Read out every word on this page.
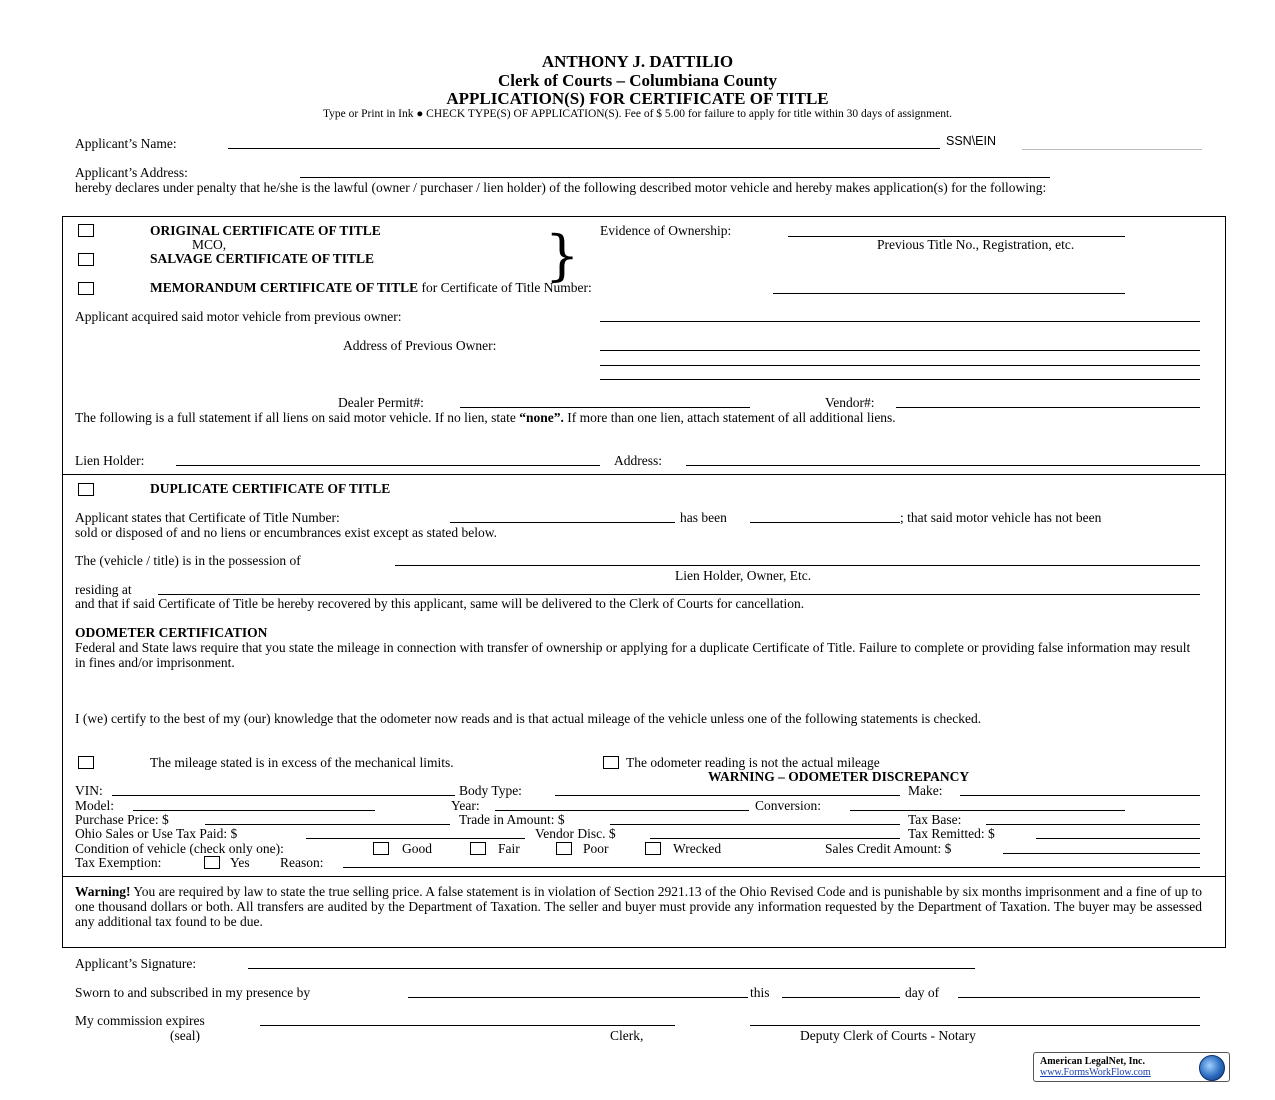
ANTHONY J. DATTILIO
Clerk of Courts – Columbiana County
APPLICATION(S) FOR CERTIFICATE OF TITLE
Type or Print in Ink ● CHECK TYPE(S) OF APPLICATION(S). Fee of $ 5.00 for failure to apply for title within 30 days of assignment.
Applicant’s Name:	SSN\EIN
Applicant’s Address:
hereby declares under penalty that he/she is the lawful (owner / purchaser / lien holder) of the following described motor vehicle and hereby makes application(s) for the following:
ORIGINAL CERTIFICATE OF TITLE
MCO,
SALVAGE CERTIFICATE OF TITLE	} Evidence of Ownership:
Previous Title No., Registration, etc.
MEMORANDUM CERTIFICATE OF TITLE for Certificate of Title Number:
Applicant acquired said motor vehicle from previous owner:
Address of Previous Owner:
Dealer Permit#:	Vendor#:
The following is a full statement if all liens on said motor vehicle. If no lien, state “none”. If more than one lien, attach statement of all additional liens.
Lien Holder:	Address:
DUPLICATE CERTIFICATE OF TITLE
Applicant states that Certificate of Title Number:	has been	; that said motor vehicle has not been
sold or disposed of and no liens or encumbrances exist except as stated below.
The (vehicle / title) is in the possession of
Lien Holder, Owner, Etc.
residing at
and that if said Certificate of Title be hereby recovered by this applicant, same will be delivered to the Clerk of Courts for cancellation.
ODOMETER CERTIFICATION
Federal and State laws require that you state the mileage in connection with transfer of ownership or applying for a duplicate Certificate of Title. Failure to complete or providing false information may result in fines and/or imprisonment.
I (we) certify to the best of my (our) knowledge that the odometer now reads and is that actual mileage of the vehicle unless one of the following statements is checked.
The mileage stated is in excess of the mechanical limits.	The odometer reading is not the actual mileage
WARNING – ODOMETER DISCREPANCY
VIN:	Body Type:	Make:
Model:	Year:	Conversion:
Purchase Price: $	Trade in Amount: $	Tax Base:
Ohio Sales or Use Tax Paid: $	Vendor Disc. $	Tax Remitted: $
Condition of vehicle (check only one):	Good	Fair	Poor	Wrecked	Sales Credit Amount: $
Tax Exemption:	Yes Reason:
Warning! You are required by law to state the true selling price. A false statement is in violation of Section 2921.13 of the Ohio Revised Code and is punishable by six months imprisonment and a fine of up to one thousand dollars or both. All transfers are audited by the Department of Taxation. The seller and buyer must provide any information requested by the Department of Taxation. The buyer may be assessed any additional tax found to be due.
Applicant’s Signature:
Sworn to and subscribed in my presence by	this	day of
My commission expires
(seal)	Clerk,	Deputy Clerk of Courts - Notary
American LegalNet, Inc.
www.FormsWorkFlow.com
